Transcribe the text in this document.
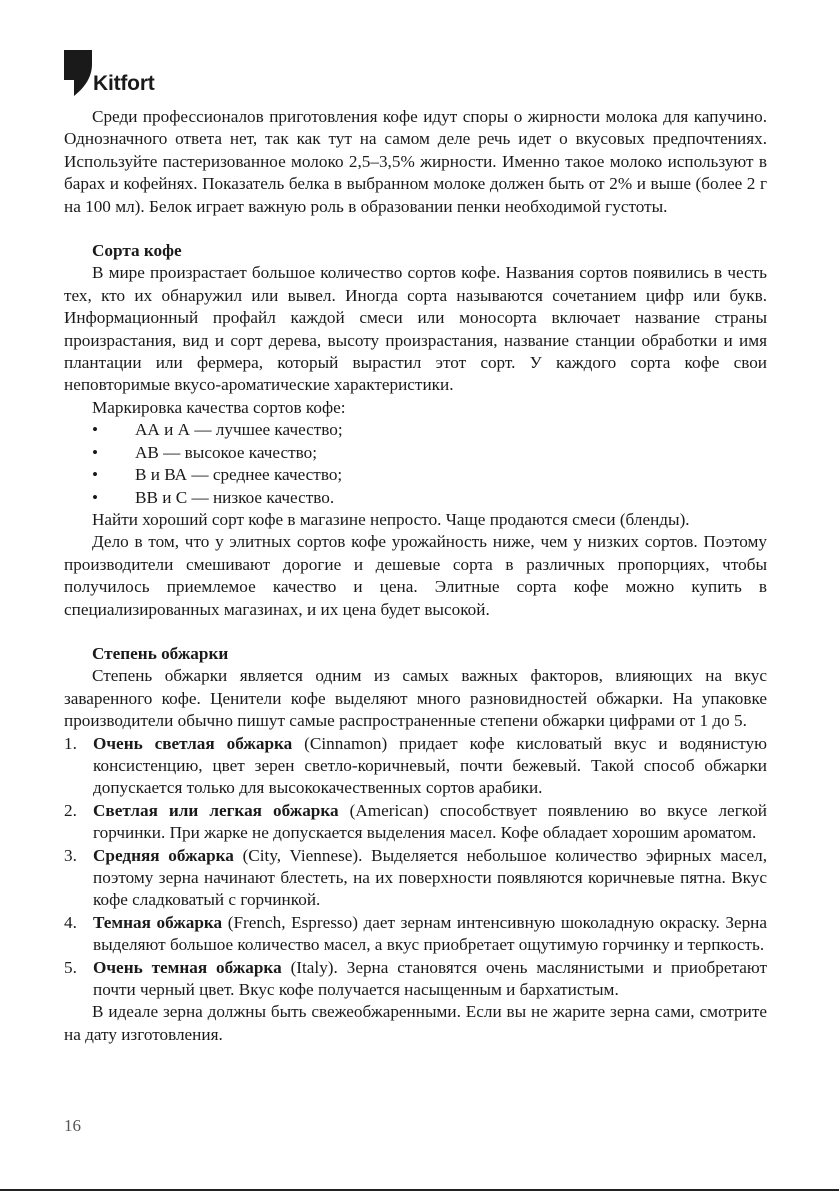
Kitfort

Среди профессионалов приготовления кофе идут споры о жирности молока для капучино. Однозначного ответа нет, так как тут на самом деле речь идет о вкусовых предпочтениях. Используйте пастеризованное молоко 2,5–3,5% жирности. Именно такое молоко используют в барах и кофейнях. Показатель белка в выбранном молоке должен быть от 2% и выше (более 2 г на 100 мл). Белок играет важную роль в образовании пенки необходимой густоты.

Сорта кофе

В мире произрастает большое количество сортов кофе. Названия сортов появились в честь тех, кто их обнаружил или вывел. Иногда сорта называются сочетанием цифр или букв. Информационный профайл каждой смеси или моносорта включает название страны произрастания, вид и сорт дерева, высоту произрастания, название станции обработки и имя плантации или фермера, который вырастил этот сорт. У каждого сорта кофе свои неповторимые вкусо-ароматические характеристики.

Маркировка качества сортов кофе:

• АА и А — лучшее качество;
• АВ — высокое качество;
• В и ВА — среднее качество;
• ВВ и С — низкое качество.

Найти хороший сорт кофе в магазине непросто. Чаще продаются смеси (бленды).

Дело в том, что у элитных сортов кофе урожайность ниже, чем у низких сортов. Поэтому производители смешивают дорогие и дешевые сорта в различных пропорциях, чтобы получилось приемлемое качество и цена. Элитные сорта кофе можно купить в специализированных магазинах, и их цена будет высокой.

Степень обжарки

Степень обжарки является одним из самых важных факторов, влияющих на вкус заваренного кофе. Ценители кофе выделяют много разновидностей обжарки. На упаковке производители обычно пишут самые распространенные степени обжарки цифрами от 1 до 5.

1. Очень светлая обжарка (Cinnamon) придает кофе кисловатый вкус и водянистую консистенцию, цвет зерен светло-коричневый, почти бежевый. Такой способ обжарки допускается только для высококачественных сортов арабики.
2. Светлая или легкая обжарка (American) способствует появлению во вкусе легкой горчинки. При жарке не допускается выделения масел. Кофе обладает хорошим ароматом.
3. Средняя обжарка (City, Viennese). Выделяется небольшое количество эфирных масел, поэтому зерна начинают блестеть, на их поверхности появляются коричневые пятна. Вкус кофе сладковатый с горчинкой.
4. Темная обжарка (French, Espresso) дает зернам интенсивную шоколадную окраску. Зерна выделяют большое количество масел, а вкус приобретает ощутимую горчинку и терпкость.
5. Очень темная обжарка (Italy). Зерна становятся очень маслянистыми и приобретают почти черный цвет. Вкус кофе получается насыщенным и бархатистым.

В идеале зерна должны быть свежеобжаренными. Если вы не жарите зерна сами, смотрите на дату изготовления.

16
